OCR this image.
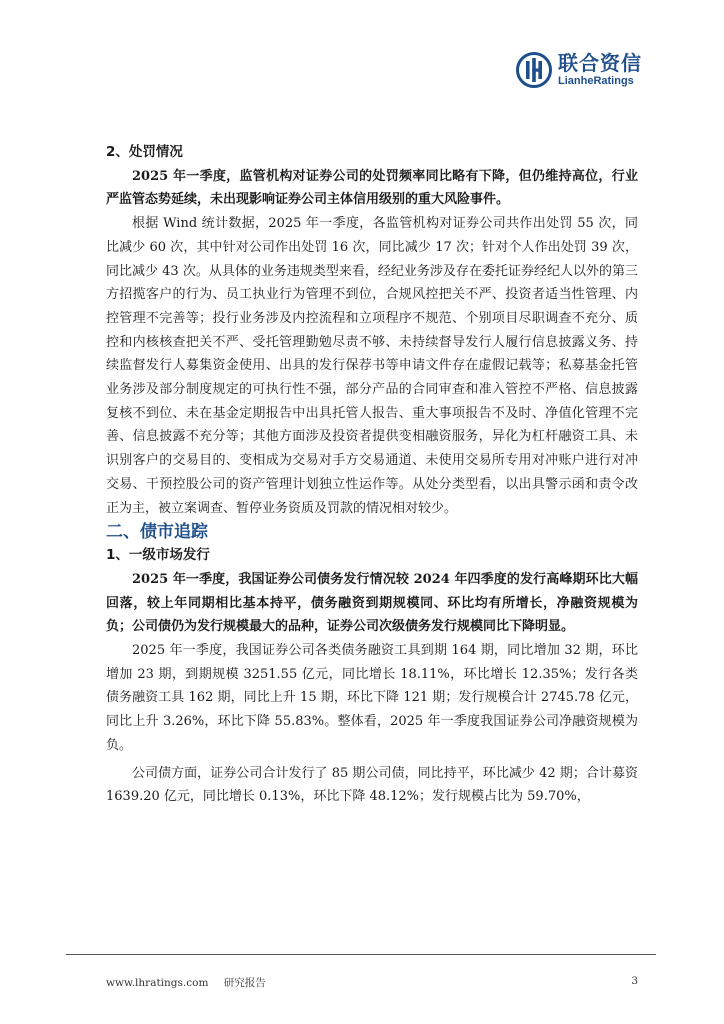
联合资信
LianheRatings

2、处罚情况

2025 年一季度，监管机构对证券公司的处罚频率同比略有下降，但仍维持高位，行业严监管态势延续，未出现影响证券公司主体信用级别的重大风险事件。

根据 Wind 统计数据，2025 年一季度，各监管机构对证券公司共作出处罚 55 次，同比减少 60 次，其中针对公司作出处罚 16 次，同比减少 17 次；针对个人作出处罚 39 次，同比减少 43 次。从具体的业务违规类型来看，经纪业务涉及存在委托证券经纪人以外的第三方招揽客户的行为、员工执业行为管理不到位，合规风控把关不严、投资者适当性管理、内控管理不完善等；投行业务涉及内控流程和立项程序不规范、个别项目尽职调查不充分、质控和内核核查把关不严、受托管理勤勉尽责不够、未持续督导发行人履行信息披露义务、持续监督发行人募集资金使用、出具的发行保荐书等申请文件存在虚假记载等；私募基金托管业务涉及部分制度规定的可执行性不强，部分产品的合同审查和准入管控不严格、信息披露复核不到位、未在基金定期报告中出具托管人报告、重大事项报告不及时、净值化管理不完善、信息披露不充分等；其他方面涉及投资者提供变相融资服务，异化为杠杆融资工具、未识别客户的交易目的、变相成为交易对手方交易通道、未使用交易所专用对冲账户进行对冲交易、干预控股公司的资产管理计划独立性运作等。从处分类型看，以出具警示函和责令改正为主，被立案调查、暂停业务资质及罚款的情况相对较少。

二、债市追踪

1、一级市场发行

2025 年一季度，我国证券公司债务发行情况较 2024 年四季度的发行高峰期环比大幅回落，较上年同期相比基本持平，债务融资到期规模同、环比均有所增长，净融资规模为负；公司债仍为发行规模最大的品种，证券公司次级债务发行规模同比下降明显。

2025 年一季度，我国证券公司各类债务融资工具到期 164 期，同比增加 32 期，环比增加 23 期，到期规模 3251.55 亿元，同比增长 18.11%，环比增长 12.35%；发行各类债务融资工具 162 期，同比上升 15 期，环比下降 121 期；发行规模合计 2745.78 亿元，同比上升 3.26%，环比下降 55.83%。整体看，2025 年一季度我国证券公司净融资规模为负。

公司债方面，证券公司合计发行了 85 期公司债，同比持平，环比减少 42 期；合计募资 1639.20 亿元，同比增长 0.13%，环比下降 48.12%；发行规模占比为 59.70%，

www.lhratings.com 研究报告	3
